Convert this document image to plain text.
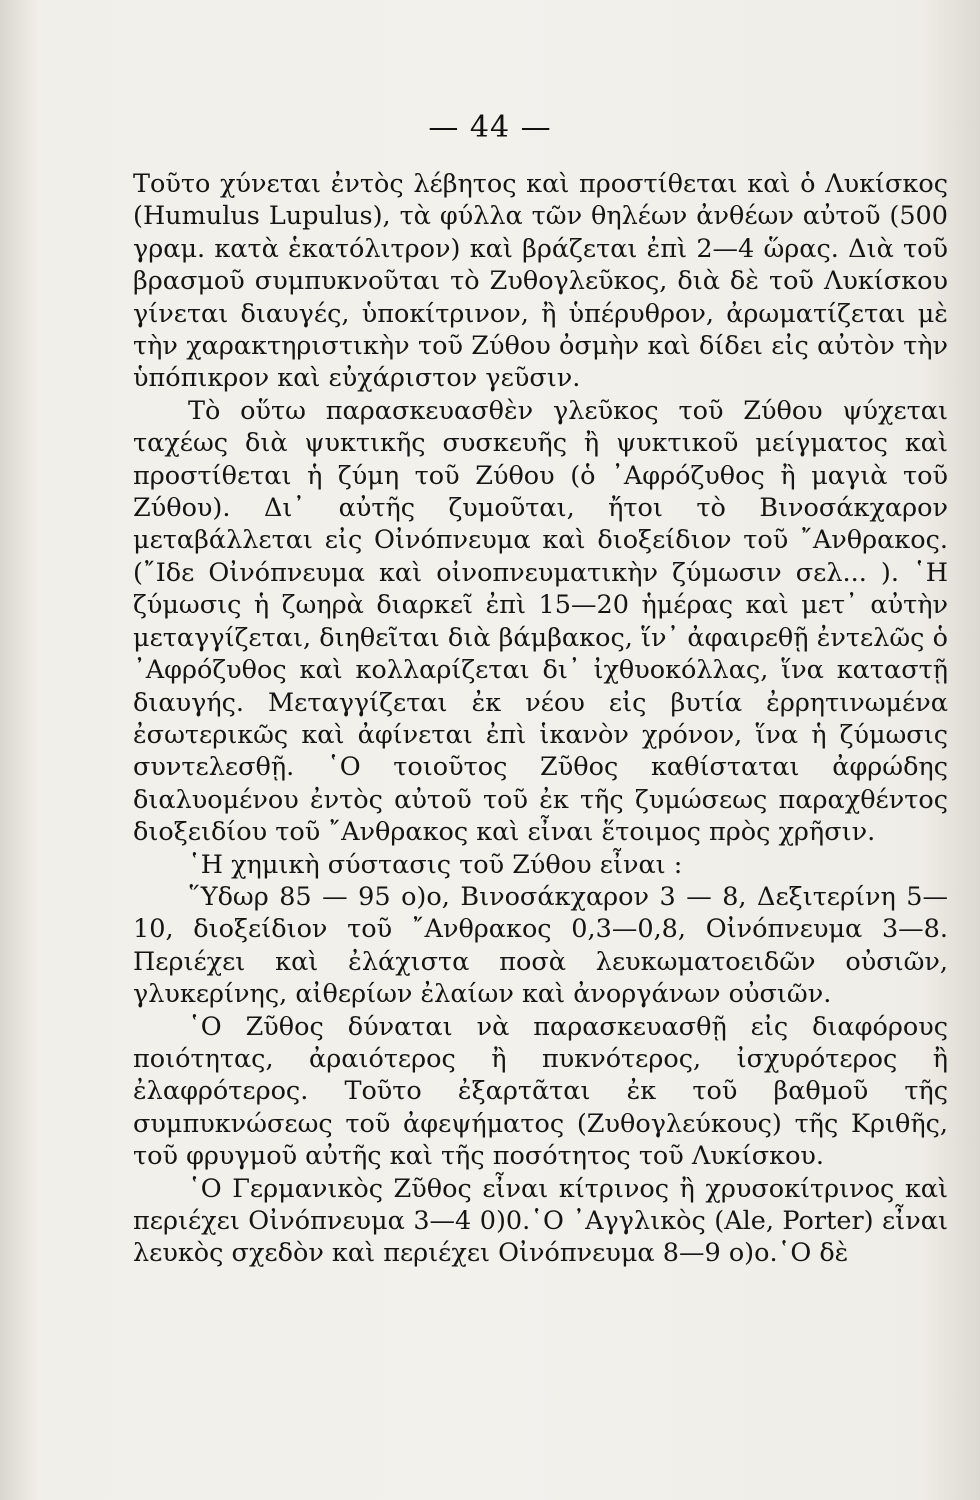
— 44 —

Τοῦτο χύνεται ἐντὸς λέβητος καὶ προστίθεται καὶ ὁ Λυκίσκος (Humulus Lupulus), τὰ φύλλα τῶν θηλέων ἀνθέων αὐτοῦ (500 γραμ. κατὰ ἑκατόλιτρον) καὶ βράζεται ἐπὶ 2—4 ὥρας. Διὰ τοῦ βρασμοῦ συμπυκνοῦται τὸ Ζυθογλεῦκος, διὰ δὲ τοῦ Λυκίσκου γίνεται διαυγές, ὑποκίτρινον, ἢ ὑπέρυθρον, ἀρωματίζεται μὲ τὴν χαρακτηριστικὴν τοῦ Ζύθου ὀσμὴν καὶ δίδει εἰς αὐτὸν τὴν ὑπόπικρον καὶ εὐχάριστον γεῦσιν.

Τὸ οὕτω παρασκευασθὲν γλεῦκος τοῦ Ζύθου ψύχεται ταχέως διὰ ψυκτικῆς συσκευῆς ἢ ψυκτικοῦ μείγματος καὶ προστίθεται ἡ ζύμη τοῦ Ζύθου (ὁ ᾿Αφρόζυθος ἢ μαγιὰ τοῦ Ζύθου). Δι᾿ αὐτῆς ζυμοῦται, ἤτοι τὸ Βινοσάκχαρον μεταβάλλεται εἰς Οἰνόπνευμα καὶ διοξείδιον τοῦ ῎Ανθρακος. (῎Ιδε Οἰνόπνευμα καὶ οἰνοπνευματικὴν ζύμωσιν σελ... ). ῾Η ζύμωσις ἡ ζωηρὰ διαρκεῖ ἐπὶ 15—20 ἡμέρας καὶ μετ᾿ αὐτὴν μεταγγίζεται, διηθεῖται διὰ βάμβακος, ἵν᾿ ἀφαιρεθῇ ἐντελῶς ὁ ᾿Αφρόζυθος καὶ κολλαρίζεται δι᾿ ἰχθυοκόλλας, ἵνα καταστῇ διαυγής. Μεταγγίζεται ἐκ νέου εἰς βυτία ἐρρητινωμένα ἐσωτερικῶς καὶ ἀφίνεται ἐπὶ ἱκανὸν χρόνον, ἵνα ἡ ζύμωσις συντελεσθῇ. ῾Ο τοιοῦτος Ζῦθος καθίσταται ἀφρώδης διαλυομένου ἐντὸς αὐτοῦ τοῦ ἐκ τῆς ζυμώσεως παραχθέντος διοξειδίου τοῦ ῎Ανθρακος καὶ εἶναι ἕτοιμος πρὸς χρῆσιν.

῾Η χημικὴ σύστασις τοῦ Ζύθου εἶναι :

῞Υδωρ 85 — 95 ο)ο, Βινοσάκχαρον 3 — 8, Δεξιτερίνη 5—10, διοξείδιον τοῦ ῎Ανθρακος 0,3—0,8, Οἰνόπνευμα 3—8. Περιέχει καὶ ἐλάχιστα ποσὰ λευκωματοειδῶν οὐσιῶν, γλυκερίνης, αἰθερίων ἐλαίων καὶ ἀνοργάνων οὐσιῶν.

῾Ο Ζῦθος δύναται νὰ παρασκευασθῇ εἰς διαφόρους ποιότητας, ἀραιότερος ἢ πυκνότερος, ἰσχυρότερος ἢ ἐλαφρότερος. Τοῦτο ἐξαρτᾶται ἐκ τοῦ βαθμοῦ τῆς συμπυκνώσεως τοῦ ἀφεψήματος (Ζυθογλεύκους) τῆς Κριθῆς, τοῦ φρυγμοῦ αὐτῆς καὶ τῆς ποσότητος τοῦ Λυκίσκου.

῾Ο Γερμανικὸς Ζῦθος εἶναι κίτρινος ἢ χρυσοκίτρινος καὶ περιέχει Οἰνόπνευμα 3—4 0)0.῾Ο ᾿Αγγλικὸς (Ale, Porter) εἶναι λευκὸς σχεδὸν καὶ περιέχει Οἰνόπνευμα 8—9 ο)ο.῾Ο δὲ
